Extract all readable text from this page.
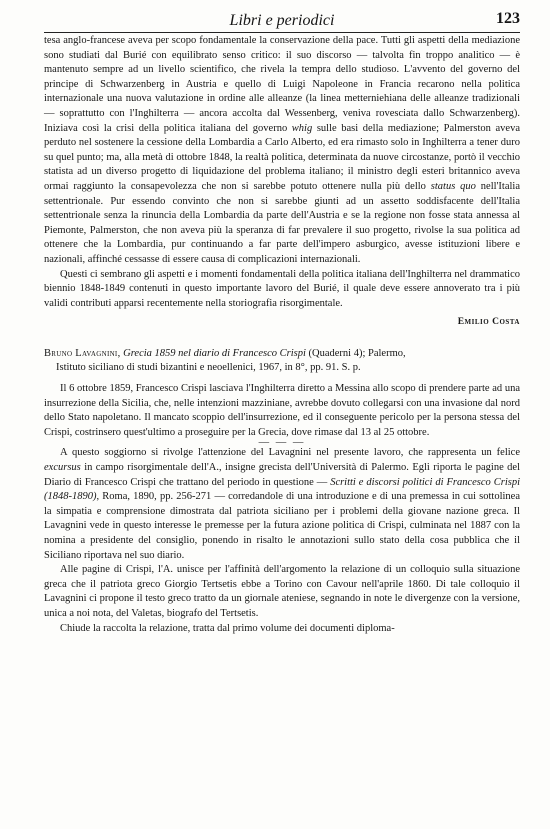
Libri e periodici	123

tesa anglo-francese aveva per scopo fondamentale la conservazione della pace. Tutti gli aspetti della mediazione sono studiati dal Burié con equilibrato senso critico: il suo discorso — talvolta fin troppo analitico — è mantenuto sempre ad un livello scientifico, che rivela la tempra dello studioso. L'avvento del governo del principe di Schwarzenberg in Austria e quello di Luigi Napoleone in Francia recarono nella politica internazionale una nuova valutazione in ordine alle alleanze (la linea metterniehiana delle alleanze tradizionali — soprattutto con l'Inghilterra — ancora accolta dal Wessenberg, veniva rovesciata dallo Schwarzenberg). Iniziava così la crisi della politica italiana del governo whig sulle basi della mediazione; Palmerston aveva perduto nel sostenere la cessione della Lombardia a Carlo Alberto, ed era rimasto solo in Inghilterra a tener duro su quel punto; ma, alla metà di ottobre 1848, la realtà politica, determinata da nuove circostanze, portò il vecchio statista ad un diverso progetto di liquidazione del problema italiano; il ministro degli esteri britannico aveva ormai raggiunto la consapevolezza che non si sarebbe potuto ottenere nulla più dello status quo nell'Italia settentrionale. Pur essendo convinto che non si sarebbe giunti ad un assetto soddisfacente dell'Italia settentrionale senza la rinuncia della Lombardia da parte dell'Austria e se la regione non fosse stata annessa al Piemonte, Palmerston, che non aveva più la speranza di far prevalere il suo progetto, rivolse la sua politica ad ottenere che la Lombardia, pur continuando a far parte dell'impero asburgico, avesse istituzioni libere e nazionali, affinché cessasse di essere causa di complicazioni internazionali.

Questi ci sembrano gli aspetti e i momenti fondamentali della politica italiana dell'Inghilterra nel drammatico biennio 1848-1849 contenuti in questo importante lavoro del Burié, il quale deve essere annoverato tra i più validi contributi apparsi recentemente nella storiografia risorgimentale.

Emilio Costa
Bruno Lavagnini, Grecia 1859 nel diario di Francesco Crispi (Quaderni 4); Palermo,
Istituto siciliano di studi bizantini e neoellenici, 1967, in 8°, pp. 91. S. p.

Il 6 ottobre 1859, Francesco Crispi lasciava l'Inghilterra diretto a Messina allo scopo di prendere parte ad una insurrezione della Sicilia, che, nelle intenzioni mazziniane, avrebbe dovuto collegarsi con una invasione dal nord dello Stato napoletano. Il mancato scoppio dell'insurrezione, ed il conseguente pericolo per la persona stessa del Crispi, costrinsero quest'ultimo a proseguire per la Grecia, dove rimase dal 13 al 25 ottobre.

— — —

A questo soggiorno si rivolge l'attenzione del Lavagnini nel presente lavoro, che rappresenta un felice excursus in campo risorgimentale dell'A., insigne grecista dell'Università di Palermo. Egli riporta le pagine del Diario di Francesco Crispi che trattano del periodo in questione — Scritti e discorsi politici di Francesco Crispi (1848-1890), Roma, 1890, pp. 256-271 — corredandole di una introduzione e di una premessa in cui sottolinea la simpatia e comprensione dimostrata dal patriota siciliano per i problemi della giovane nazione greca. Il Lavagnini vede in questo interesse le premesse per la futura azione politica di Crispi, culminata nel 1887 con la nomina a presidente del consiglio, ponendo in risalto le annotazioni sullo stato della cosa pubblica che il Siciliano riportava nel suo diario.

Alle pagine di Crispi, l'A. unisce per l'affinità dell'argomento la relazione di un colloquio sulla situazione greca che il patriota greco Giorgio Tertsetis ebbe a Torino con Cavour nell'aprile 1860. Di tale colloquio il Lavagnini ci propone il testo greco tratto da un giornale ateniese, segnando in note le divergenze con la versione, unica a noi nota, del Valetas, biografo del Tertsetis.

Chiude la raccolta la relazione, tratta dal primo volume dei documenti diploma-
